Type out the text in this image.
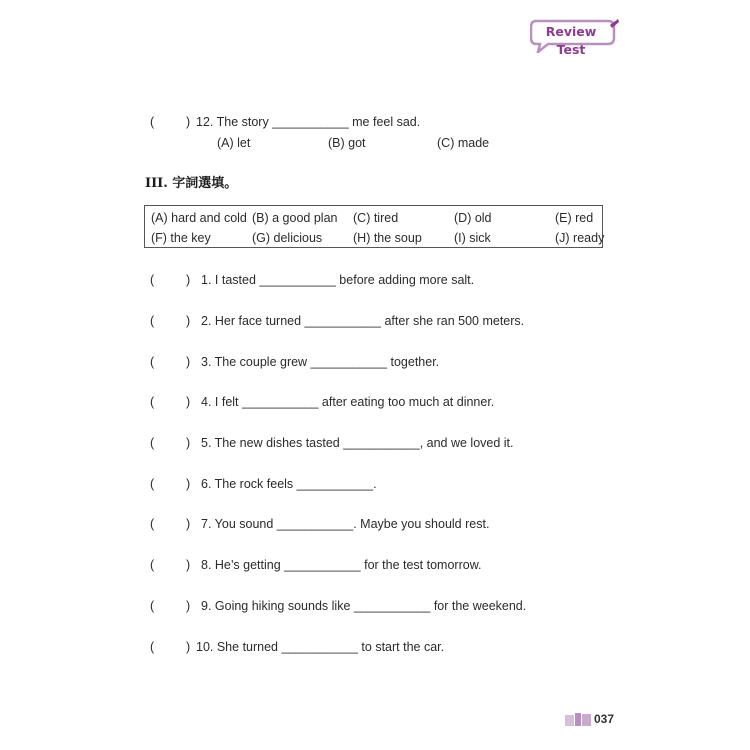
Review Test
(	) 12. The story ___________ me feel sad.
(A) let	(B) got	(C) made
III. 字詞選填。
(A) hard and cold (B) a good plan (C) tired	(D) old	(E) red
(F) the key	(G) delicious (H) the soup	(I) sick	(J) ready
(	) 1. I tasted ___________ before adding more salt.
(	) 2. Her face turned ___________ after she ran 500 meters.
(	) 3. The couple grew ___________ together.
(	) 4. I felt ___________ after eating too much at dinner.
(	) 5. The new dishes tasted ___________, and we loved it.
(	) 6. The rock feels ___________.
(	) 7. You sound ___________. Maybe you should rest.
(	) 8. He’s getting ___________ for the test tomorrow.
(	) 9. Going hiking sounds like ___________ for the weekend.
(	) 10. She turned ___________ to start the car.
037
